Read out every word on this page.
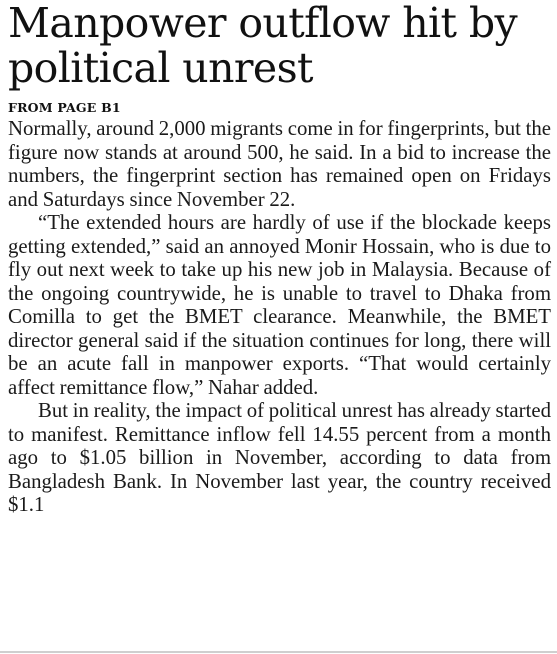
Manpower outflow hit by
political unrest
FROM PAGE B1

Normally, around 2,000 migrants come in for fingerprints, but the figure now stands at around 500, he said. In a bid to increase the numbers, the fingerprint section has remained open on Fridays and Saturdays since November 22.

“The extended hours are hardly of use if the blockade keeps getting extended,” said an annoyed Monir Hossain, who is due to fly out next week to take up his new job in Malaysia. Because of the ongoing countrywide, he is unable to travel to Dhaka from Comilla to get the BMET clearance. Meanwhile, the BMET director general said if the situation continues for long, there will be an acute fall in manpower exports. “That would certainly affect remittance flow,” Nahar added.

But in reality, the impact of political unrest has already started to manifest. Remittance inflow fell 14.55 percent from a month ago to $1.05 billion in November, according to data from Bangladesh Bank. In November last year, the country received $1.1
